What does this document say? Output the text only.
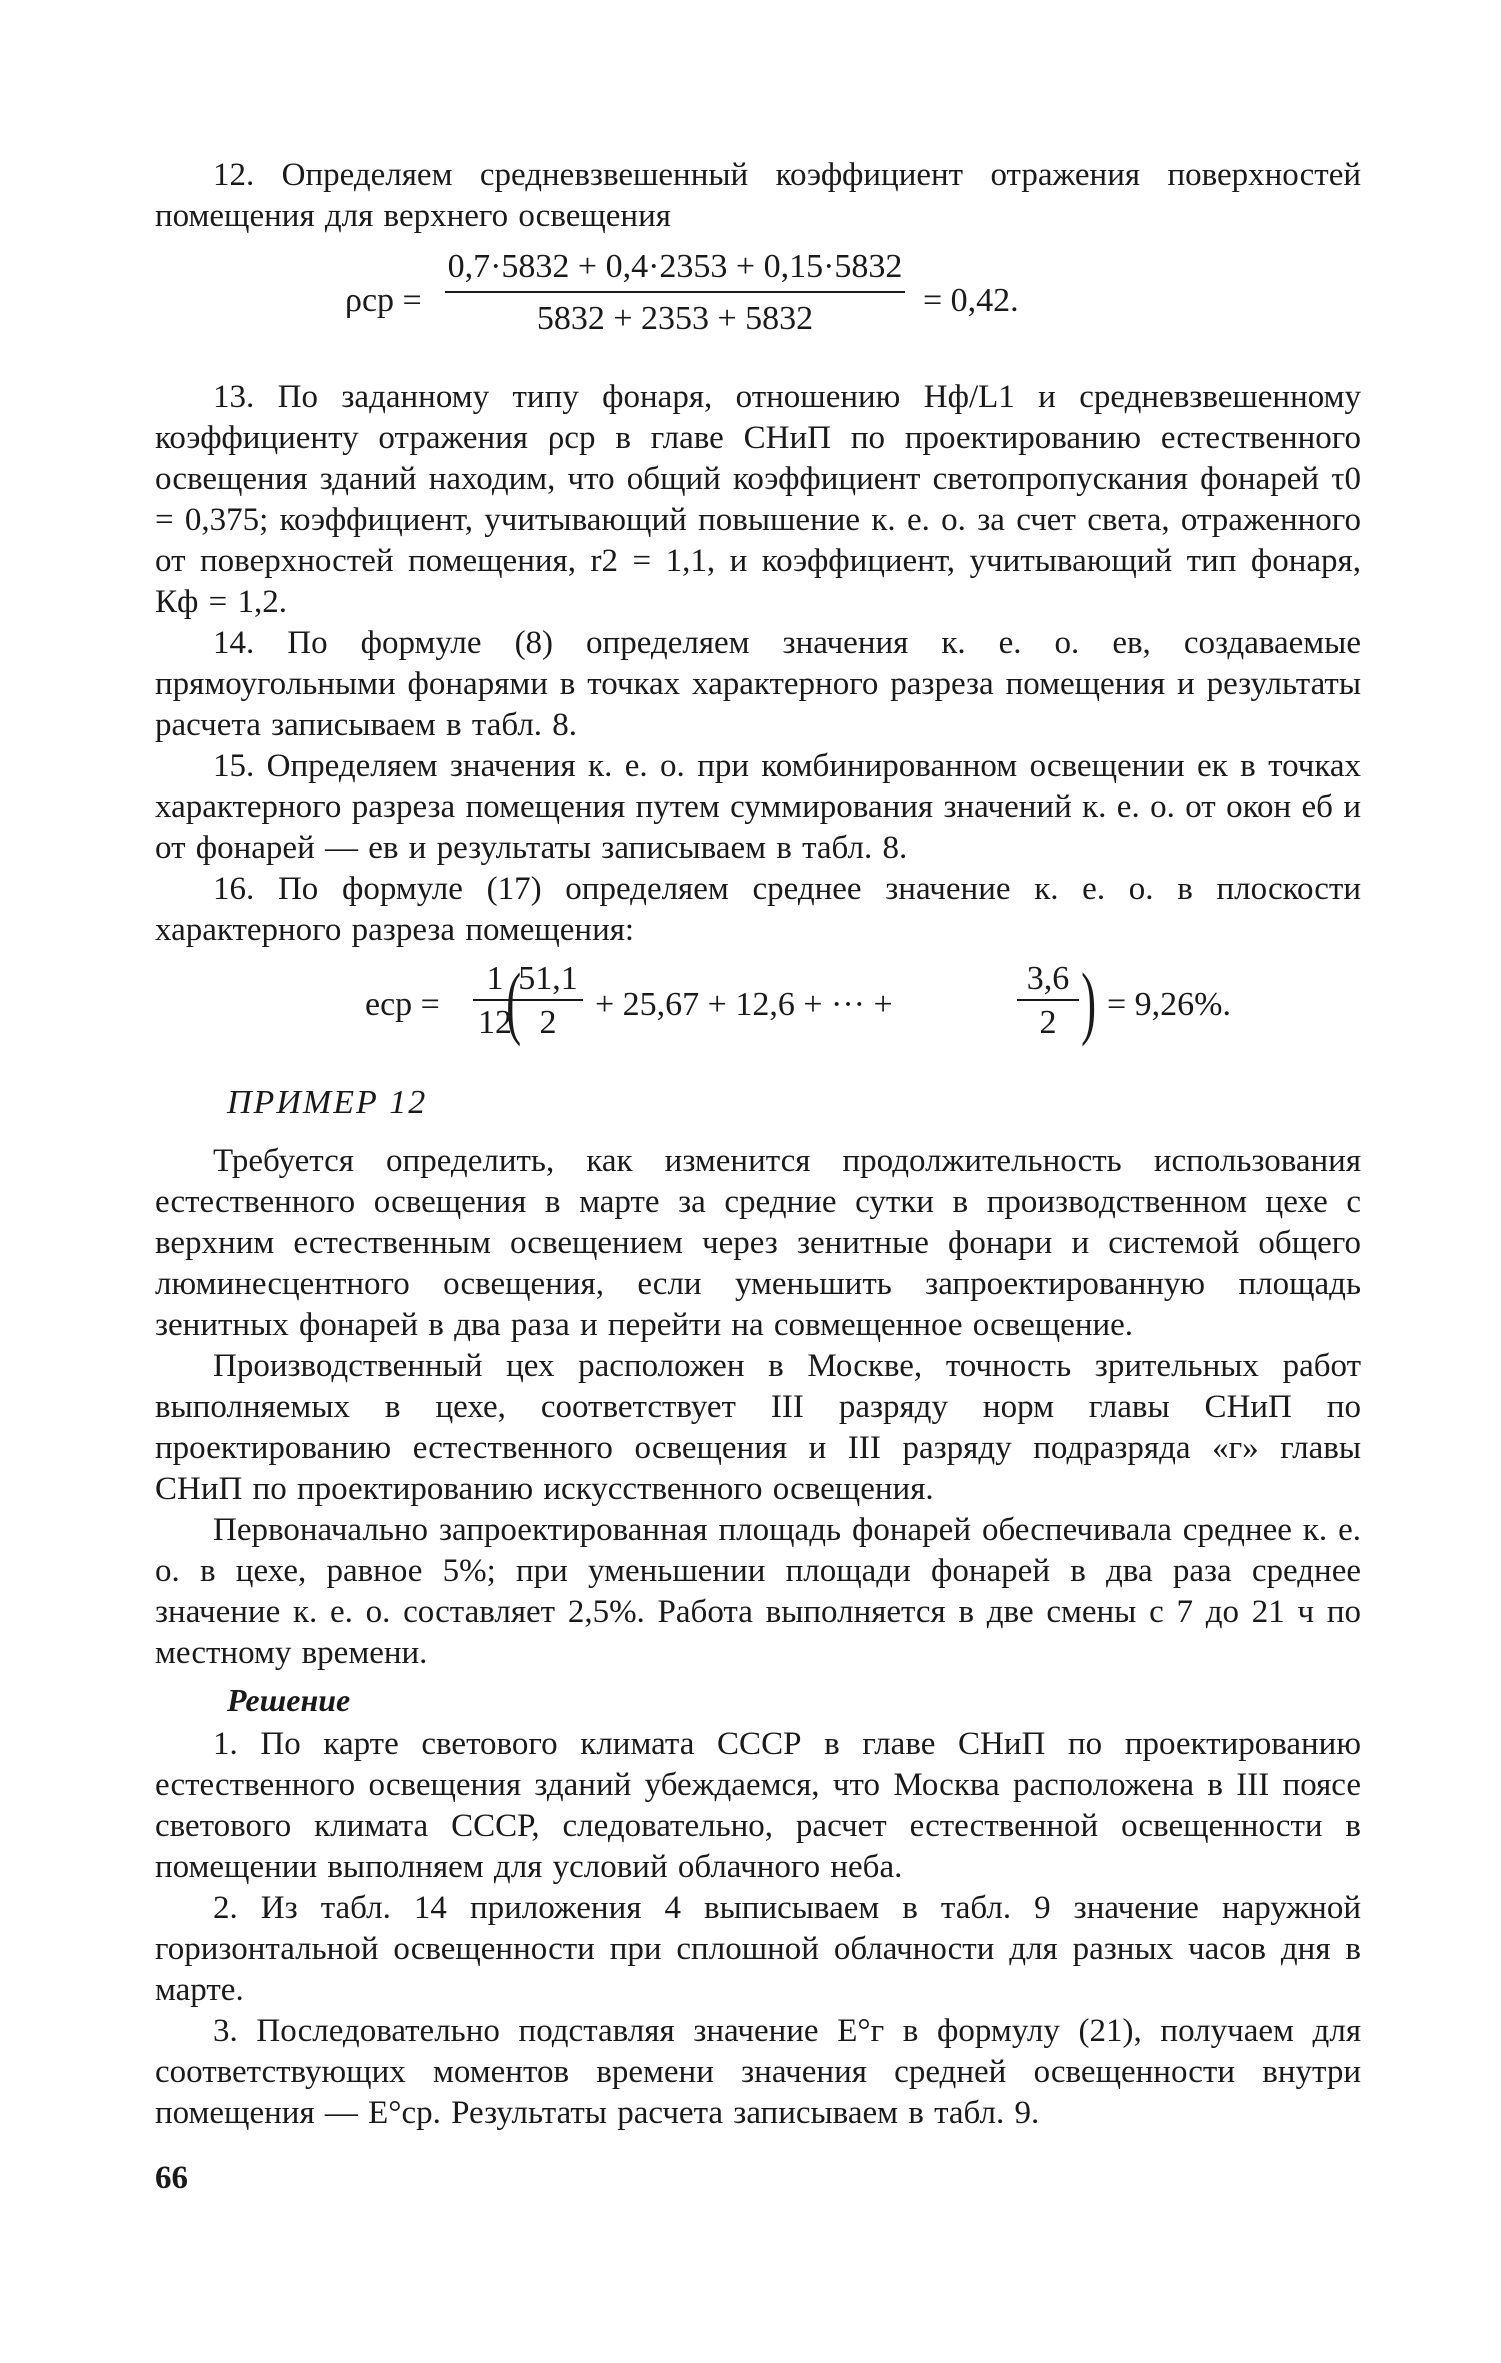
12. Определяем средневзвешенный коэффициент отражения поверхностей помещения для верхнего освещения

ρср =
0,7·5832 + 0,4·2353 + 0,15·5832
5832 + 2353 + 5832	= 0,42.

13. По заданному типу фонаря, отношению Hф/L1 и средневзвешенному коэффициенту отражения ρср в главе СНиП по проектированию естественного освещения зданий находим, что общий коэффициент светопропускания фонарей τ0 = 0,375; коэффициент, учитывающий повышение к. е. о. за счет света, отраженного от поверхностей помещения, r2 = 1,1, и коэффициент, учитывающий тип фонаря, Кф = 1,2.

14. По формуле (8) определяем значения к. е. о. eв, создаваемые прямоугольными фонарями в точках характерного разреза помещения и результаты расчета записываем в табл. 8.

15. Определяем значения к. е. о. при комбинированном освещении eк в точках характерного разреза помещения путем суммирования значений к. е. о. от окон eб и от фонарей — eв и результаты записываем в табл. 8.

16. По формуле (17) определяем среднее значение к. е. о. в плоскости характерного разреза помещения:

eср = $\frac{1}{12}$
(
$\frac{51,1}{2} + 25,67 + 12,6$ + ··· +	$\frac{3,6}{2}$ ) = 9,26%.
ПРИМЕР 12

Требуется определить, как изменится продолжительность использования естественного освещения в марте за средние сутки в производственном цехе с верхним естественным освещением через зенитные фонари и системой общего люминесцентного освещения, если уменьшить запроектированную площадь зенитных фонарей в два раза и перейти на совмещенное освещение.

Производственный цех расположен в Москве, точность зрительных работ выполняемых в цехе, соответствует III разряду норм главы СНиП по проектированию естественного освещения и III разряду подразряда «г» главы СНиП по проектированию искусственного освещения.

Первоначально запроектированная площадь фонарей обеспечивала среднее к. е. о. в цехе, равное 5%; при уменьшении площади фонарей в два раза среднее значение к. е. о. составляет 2,5%. Работа выполняется в две смены с 7 до 21 ч по местному времени.

Решение

1. По карте светового климата СССР в главе СНиП по проектированию естественного освещения зданий убеждаемся, что Москва расположена в III поясе светового климата СССР, следовательно, расчет естественной освещенности в помещении выполняем для условий облачного неба.

2. Из табл. 14 приложения 4 выписываем в табл. 9 значение наружной горизонтальной освещенности при сплошной облачности для разных часов дня в марте.

3. Последовательно подставляя значение E°г в формулу (21), получаем для соответствующих моментов времени значения средней освещенности внутри помещения — E°ср. Результаты расчета записываем в табл. 9.

66
